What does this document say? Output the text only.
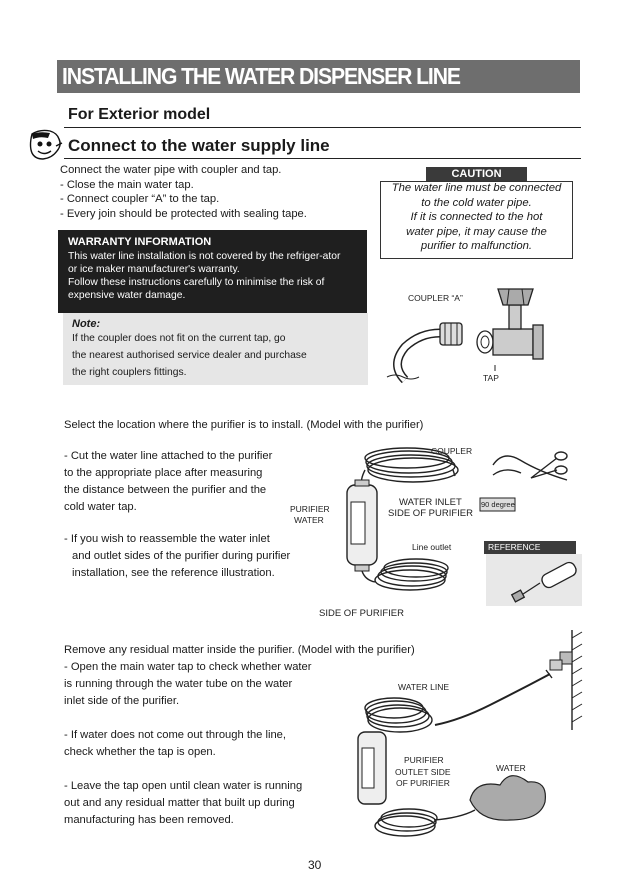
INSTALLING THE WATER DISPENSER LINE
For Exterior model
Connect to the water supply line
Connect the water pipe with coupler and tap.
- Close the main water tap.
- Connect coupler “A” to the tap.
- Every join should be protected with sealing tape.
CAUTION
The water line must be connected
to the cold water pipe.
If it is connected to the hot
water pipe, it may cause the
purifier to malfunction.
WARRANTY INFORMATION
This water line installation is not covered by the refriger-ator
or ice maker manufacturer's warranty.
Follow these instructions carefully to minimise the risk of
expensive water damage.
Note:
If the coupler does not fit on the current tap, go
the nearest authorised service dealer and purchase
the right couplers fittings.
COUPLER “A”
TAP
Select the location where the purifier is to install. (Model with the purifier)
- Cut the water line attached to the purifier
to the appropriate place after measuring
the distance between the purifier and the
cold water tap.
- If you wish to reassemble the water inlet
and outlet sides of the purifier during purifier
installation, see the reference illustration.
REFERENCE
COUPLER
PURIFIER
WATER
WATER INLET
SIDE OF PURIFIER
90 degree
Line outlet
SIDE OF PURIFIER
Remove any residual matter inside the purifier. (Model with the purifier)
- Open the main water tap to check whether water
is running through the water tube on the water
inlet side of the purifier.
- If water does not come out through the line,
check whether the tap is open.
- Leave the tap open until clean water is running
out and any residual matter that built up during
manufacturing has been removed.
WATER LINE
PURIFIER
OUTLET SIDE
OF PURIFIER
WATER
30
